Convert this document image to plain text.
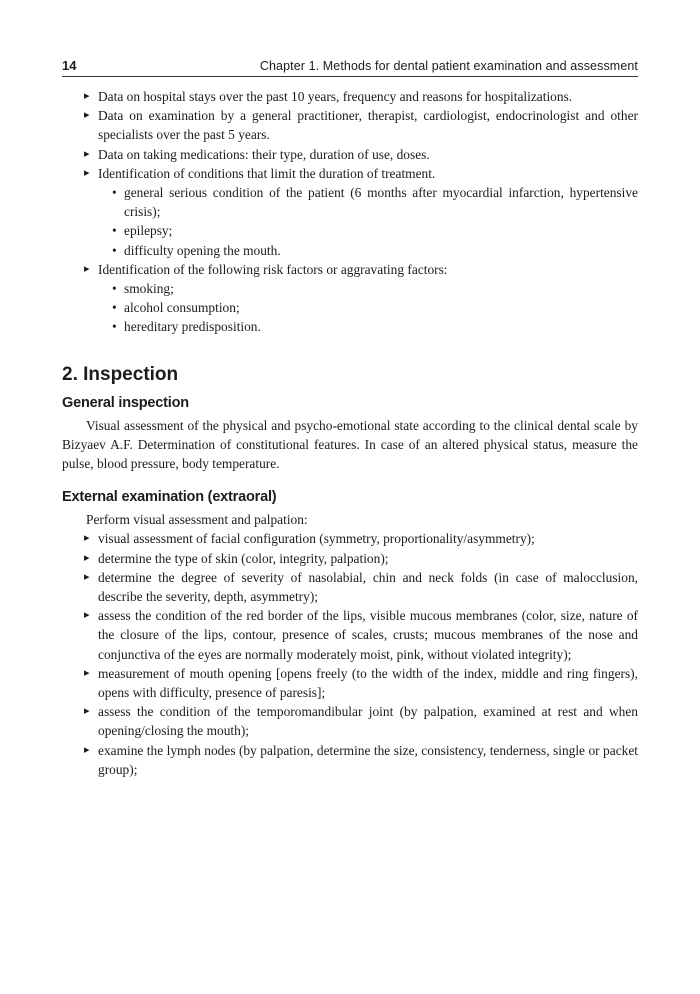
14	Chapter 1. Methods for dental patient examination and assessment
▸ Data on hospital stays over the past 10 years, frequency and reasons for hospitalizations.
▸ Data on examination by a general practitioner, therapist, cardiologist, endocrinologist and other specialists over the past 5 years.
▸ Data on taking medications: their type, duration of use, doses.
▸ Identification of conditions that limit the duration of treatment.
• general serious condition of the patient (6 months after myocardial infarction, hypertensive crisis);
• epilepsy;
• difficulty opening the mouth.
▸ Identification of the following risk factors or aggravating factors:
• smoking;
• alcohol consumption;
• hereditary predisposition.
2. Inspection
General inspection

Visual assessment of the physical and psycho-emotional state according to the clinical dental scale by Bizyaev A.F. Determination of constitutional features. In case of an altered physical status, measure the pulse, blood pressure, body temperature.

External examination (extraoral)

Perform visual assessment and palpation:

▸ visual assessment of facial configuration (symmetry, proportionality/asymmetry);
▸ determine the type of skin (color, integrity, palpation);
▸ determine the degree of severity of nasolabial, chin and neck folds (in case of malocclusion, describe the severity, depth, asymmetry);
▸ assess the condition of the red border of the lips, visible mucous membranes (color, size, nature of the closure of the lips, contour, presence of scales, crusts; mucous membranes of the nose and conjunctiva of the eyes are normally moderately moist, pink, without violated integrity);
▸ measurement of mouth opening [opens freely (to the width of the index, middle and ring fingers), opens with difficulty, presence of paresis];
▸ assess the condition of the temporomandibular joint (by palpation, examined at rest and when opening/closing the mouth);
▸ examine the lymph nodes (by palpation, determine the size, consistency, tenderness, single or packet group);
